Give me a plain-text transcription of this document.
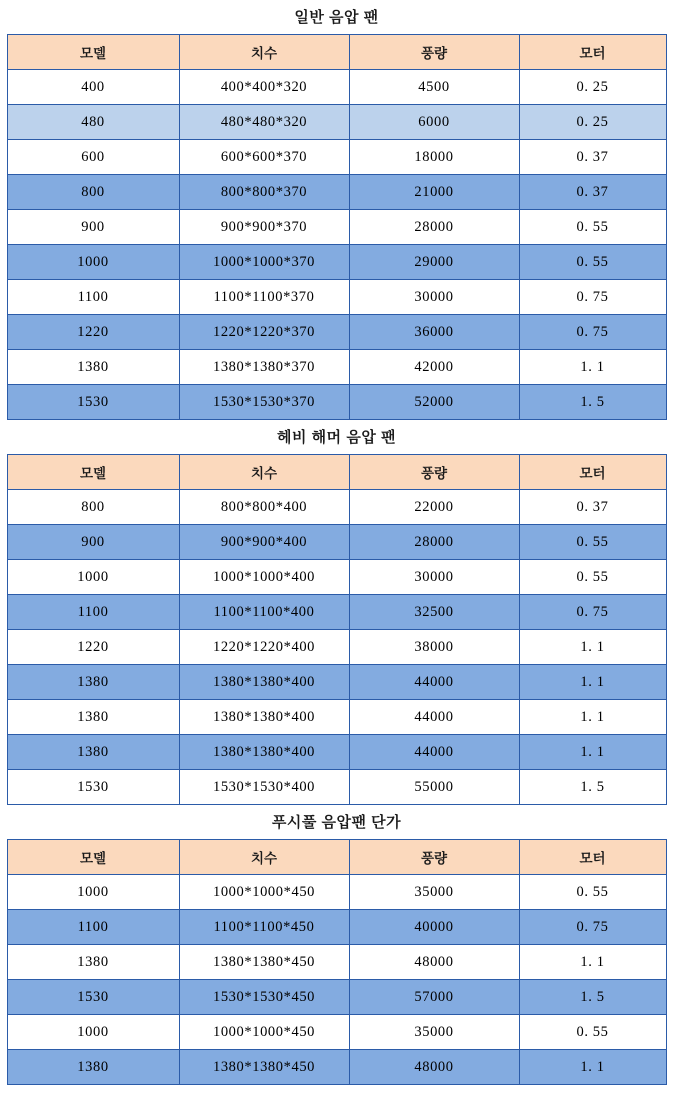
일반 음압 팬
모델	치수	풍량	모터
400	400*400*320	4500	0. 25
480	480*480*320	6000	0. 25
600	600*600*370	18000	0. 37
800	800*800*370	21000	0. 37
900	900*900*370	28000	0. 55
1000	1000*1000*370	29000	0. 55
1100	1100*1100*370	30000	0. 75
1220	1220*1220*370	36000	0. 75
1380	1380*1380*370	42000	1. 1
1530	1530*1530*370	52000	1. 5
헤비 해머 음압 팬
모델	치수	풍량	모터
800	800*800*400	22000	0. 37
900	900*900*400	28000	0. 55
1000	1000*1000*400	30000	0. 55
1100	1100*1100*400	32500	0. 75
1220	1220*1220*400	38000	1. 1
1380	1380*1380*400	44000	1. 1
1380	1380*1380*400	44000	1. 1
1380	1380*1380*400	44000	1. 1
1530	1530*1530*400	55000	1. 5
푸시풀 음압팬 단가
모델	치수	풍량	모터
1000	1000*1000*450	35000	0. 55
1100	1100*1100*450	40000	0. 75
1380	1380*1380*450	48000	1. 1
1530	1530*1530*450	57000	1. 5
1000	1000*1000*450	35000	0. 55
1380	1380*1380*450	48000	1. 1
